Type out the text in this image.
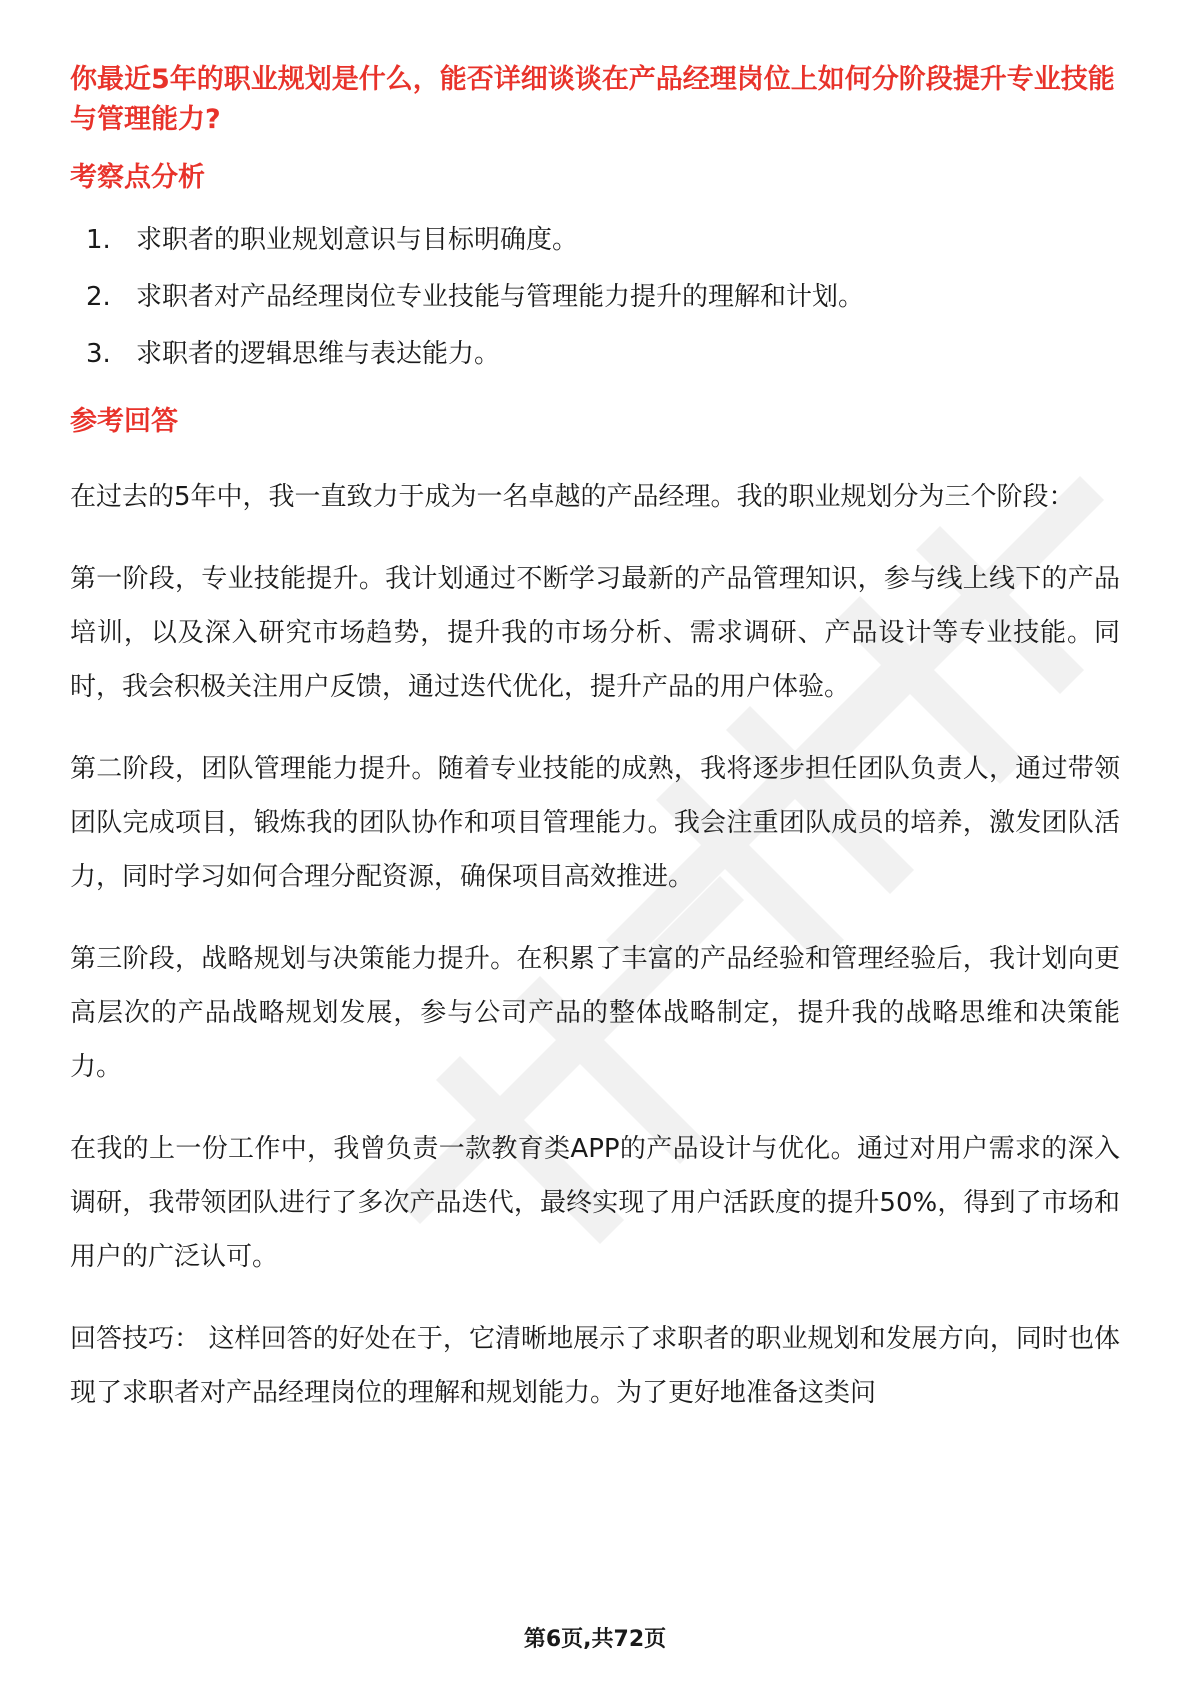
你最近5年的职业规划是什么，能否详细谈谈在产品经理岗位上如何分阶段提升专业技能与管理能力?
考察点分析
1. 求职者的职业规划意识与目标明确度。
2. 求职者对产品经理岗位专业技能与管理能力提升的理解和计划。
3. 求职者的逻辑思维与表达能力。
参考回答

在过去的5年中，我一直致力于成为一名卓越的产品经理。我的职业规划分为三个阶段：

第一阶段，专业技能提升。我计划通过不断学习最新的产品管理知识，参与线上线下的产品培训，以及深入研究市场趋势，提升我的市场分析、需求调研、产品设计等专业技能。同时，我会积极关注用户反馈，通过迭代优化，提升产品的用户体验。

第二阶段，团队管理能力提升。随着专业技能的成熟，我将逐步担任团队负责人，通过带领团队完成项目，锻炼我的团队协作和项目管理能力。我会注重团队成员的培养，激发团队活力，同时学习如何合理分配资源，确保项目高效推进。

第三阶段，战略规划与决策能力提升。在积累了丰富的产品经验和管理经验后，我计划向更高层次的产品战略规划发展，参与公司产品的整体战略制定，提升我的战略思维和决策能力。

在我的上一份工作中，我曾负责一款教育类APP的产品设计与优化。通过对用户需求的深入调研，我带领团队进行了多次产品迭代，最终实现了用户活跃度的提升50%，得到了市场和用户的广泛认可。

回答技巧： 这样回答的好处在于，它清晰地展示了求职者的职业规划和发展方向，同时也体现了求职者对产品经理岗位的理解和规划能力。为了更好地准备这类问

第6页,共72页
